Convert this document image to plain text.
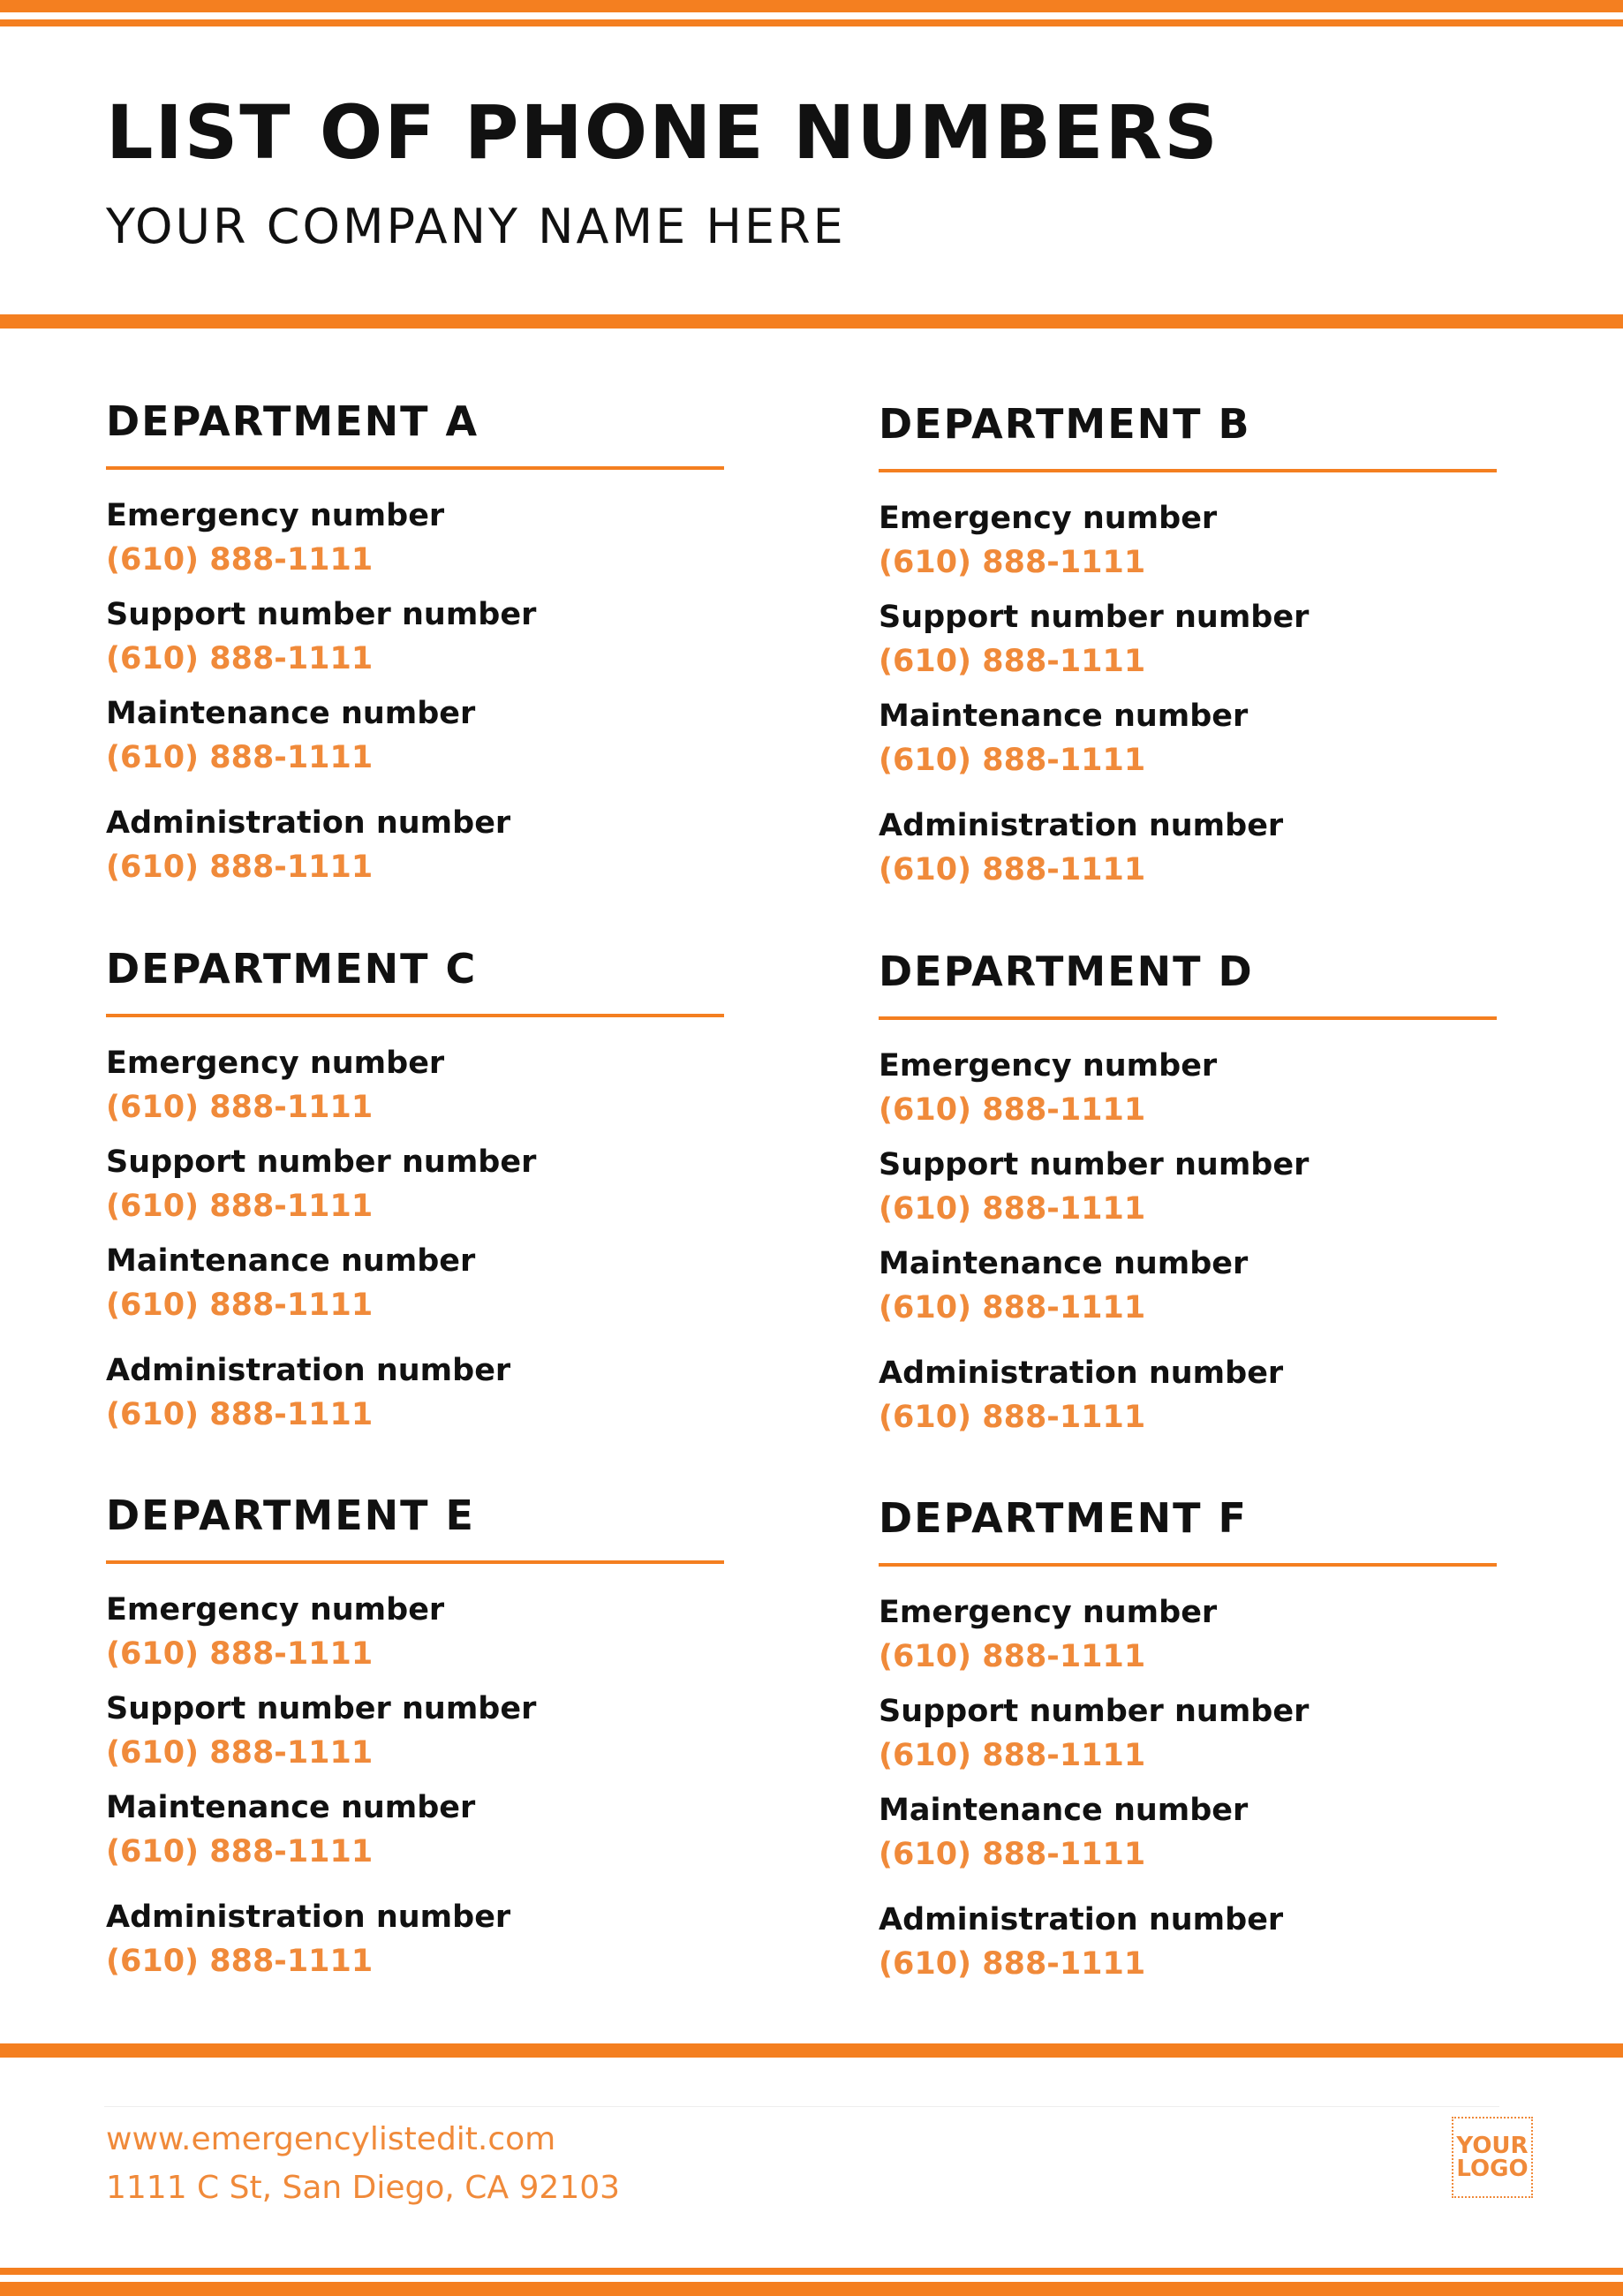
LIST OF PHONE NUMBERS
YOUR COMPANY NAME HERE
DEPARTMENT A
Emergency number
(610) 888-1111
Support number number
(610) 888-1111
Maintenance number
(610) 888-1111
Administration number
(610) 888-1111
DEPARTMENT B
Emergency number
(610) 888-1111
Support number number
(610) 888-1111
Maintenance number
(610) 888-1111
Administration number
(610) 888-1111
DEPARTMENT C
Emergency number
(610) 888-1111
Support number number
(610) 888-1111
Maintenance number
(610) 888-1111
Administration number
(610) 888-1111
DEPARTMENT D
Emergency number
(610) 888-1111
Support number number
(610) 888-1111
Maintenance number
(610) 888-1111
Administration number
(610) 888-1111
DEPARTMENT E
Emergency number
(610) 888-1111
Support number number
(610) 888-1111
Maintenance number
(610) 888-1111
Administration number
(610) 888-1111
DEPARTMENT F
Emergency number
(610) 888-1111
Support number number
(610) 888-1111
Maintenance number
(610) 888-1111
Administration number
(610) 888-1111
www.emergencylistedit.com
1111 C St, San Diego, CA 92103
YOUR
LOGO
